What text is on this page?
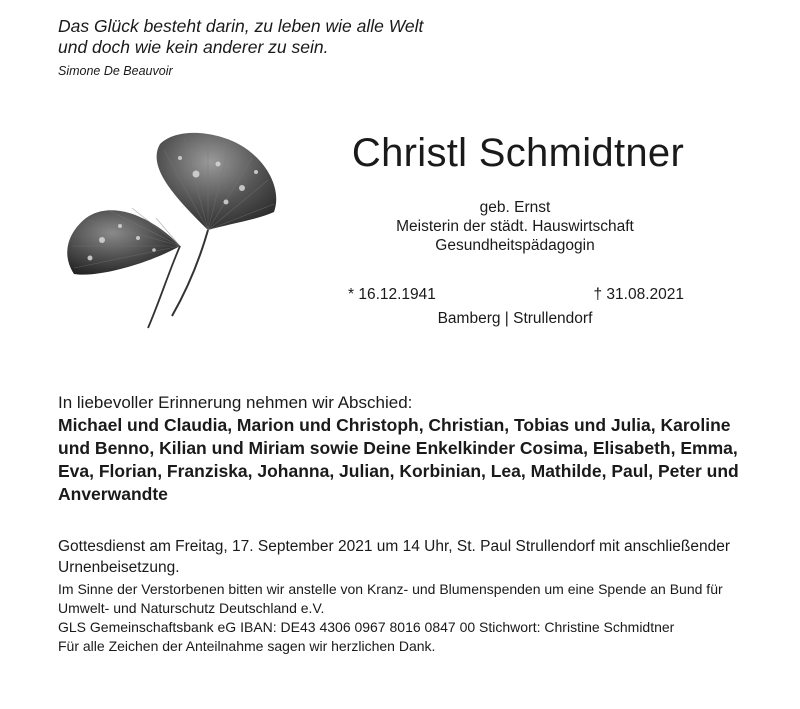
Das Glück besteht darin, zu leben wie alle Welt
und doch wie kein anderer zu sein.
Simone De Beauvoir
Christl Schmidtner
geb. Ernst
Meisterin der städt. Hauswirtschaft
Gesundheitspädagogin
* 16.12.1941	† 31.08.2021
Bamberg | Strullendorf
In liebevoller Erinnerung nehmen wir Abschied:
Michael und Claudia, Marion und Christoph, Christian, Tobias und Julia, Karoline und Benno, Kilian und Miriam sowie Deine Enkelkinder Cosima, Elisabeth, Emma, Eva, Florian, Franziska, Johanna, Julian, Korbinian, Lea, Mathilde, Paul, Peter und Anverwandte
Gottesdienst am Freitag, 17. September 2021 um 14 Uhr, St. Paul Strullendorf mit anschließender Urnenbeisetzung.
Im Sinne der Verstorbenen bitten wir anstelle von Kranz- und Blumenspenden um eine Spende an Bund für Umwelt- und Naturschutz Deutschland e.V.
GLS Gemeinschaftsbank eG IBAN: DE43 4306 0967 8016 0847 00 Stichwort: Christine Schmidtner
Für alle Zeichen der Anteilnahme sagen wir herzlichen Dank.
